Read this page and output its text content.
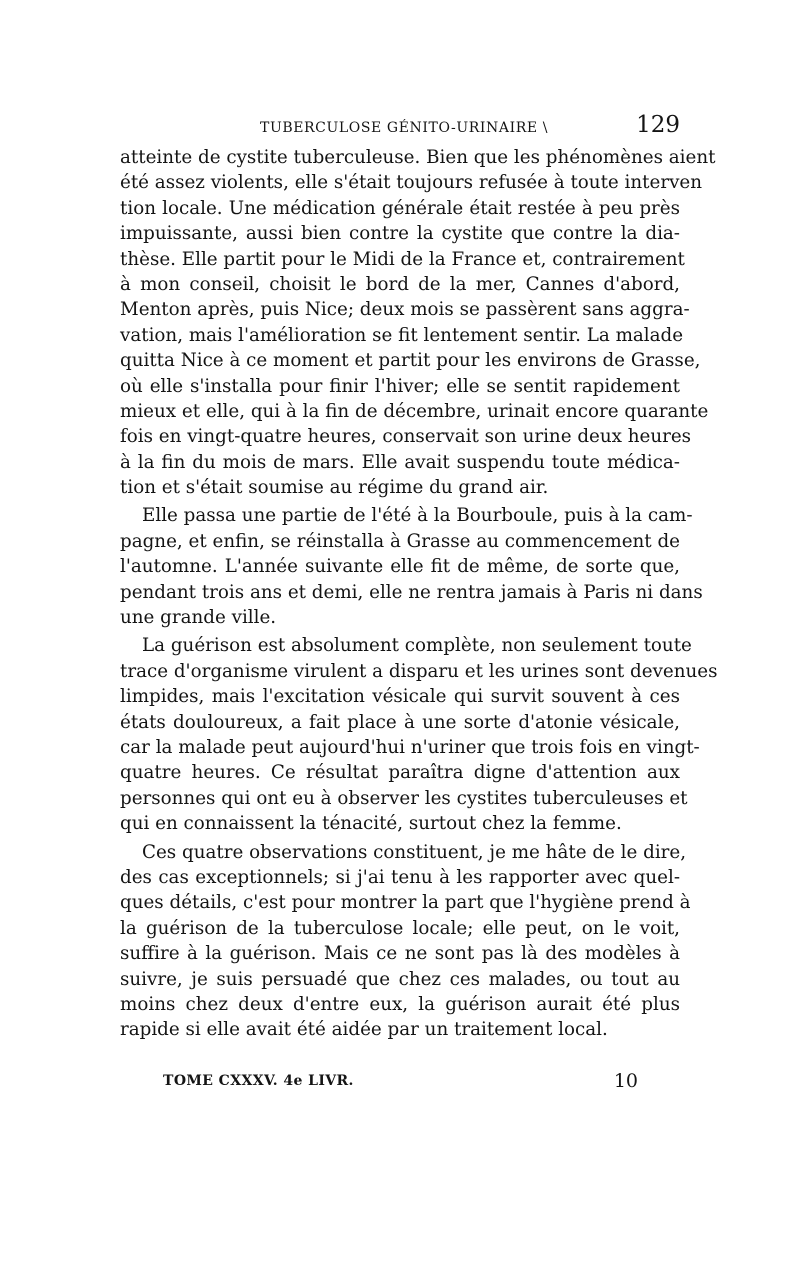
TUBERCULOSE GÉNITO-URINAIRE \	129
atteinte de cystite tuberculeuse. Bien que les phénomènes aient
été assez violents, elle s'était toujours refusée à toute interven
tion locale. Une médication générale était restée à peu près
impuissante, aussi bien contre la cystite que contre la dia-
thèse. Elle partit pour le Midi de la France et, contrairement
à mon conseil, choisit le bord de la mer, Cannes d'abord,
Menton après, puis Nice; deux mois se passèrent sans aggra-
vation, mais l'amélioration se fit lentement sentir. La malade
quitta Nice à ce moment et partit pour les environs de Grasse,
où elle s'installa pour finir l'hiver; elle se sentit rapidement
mieux et elle, qui à la fin de décembre, urinait encore quarante
fois en vingt-quatre heures, conservait son urine deux heures
à la fin du mois de mars. Elle avait suspendu toute médica-
tion et s'était soumise au régime du grand air.
Elle passa une partie de l'été à la Bourboule, puis à la cam-
pagne, et enfin, se réinstalla à Grasse au commencement de
l'automne. L'année suivante elle fit de même, de sorte que,
pendant trois ans et demi, elle ne rentra jamais à Paris ni dans
une grande ville.
La guérison est absolument complète, non seulement toute
trace d'organisme virulent a disparu et les urines sont devenues
limpides, mais l'excitation vésicale qui survit souvent à ces
états douloureux, a fait place à une sorte d'atonie vésicale,
car la malade peut aujourd'hui n'uriner que trois fois en vingt-
quatre heures. Ce résultat paraîtra digne d'attention aux
personnes qui ont eu à observer les cystites tuberculeuses et
qui en connaissent la ténacité, surtout chez la femme.
Ces quatre observations constituent, je me hâte de le dire,
des cas exceptionnels; si j'ai tenu à les rapporter avec quel-
ques détails, c'est pour montrer la part que l'hygiène prend à
la guérison de la tuberculose locale; elle peut, on le voit,
suffire à la guérison. Mais ce ne sont pas là des modèles à
suivre, je suis persuadé que chez ces malades, ou tout au
moins chez deux d'entre eux, la guérison aurait été plus
rapide si elle avait été aidée par un traitement local.
TOME CXXXV. 4e LIVR.	10
